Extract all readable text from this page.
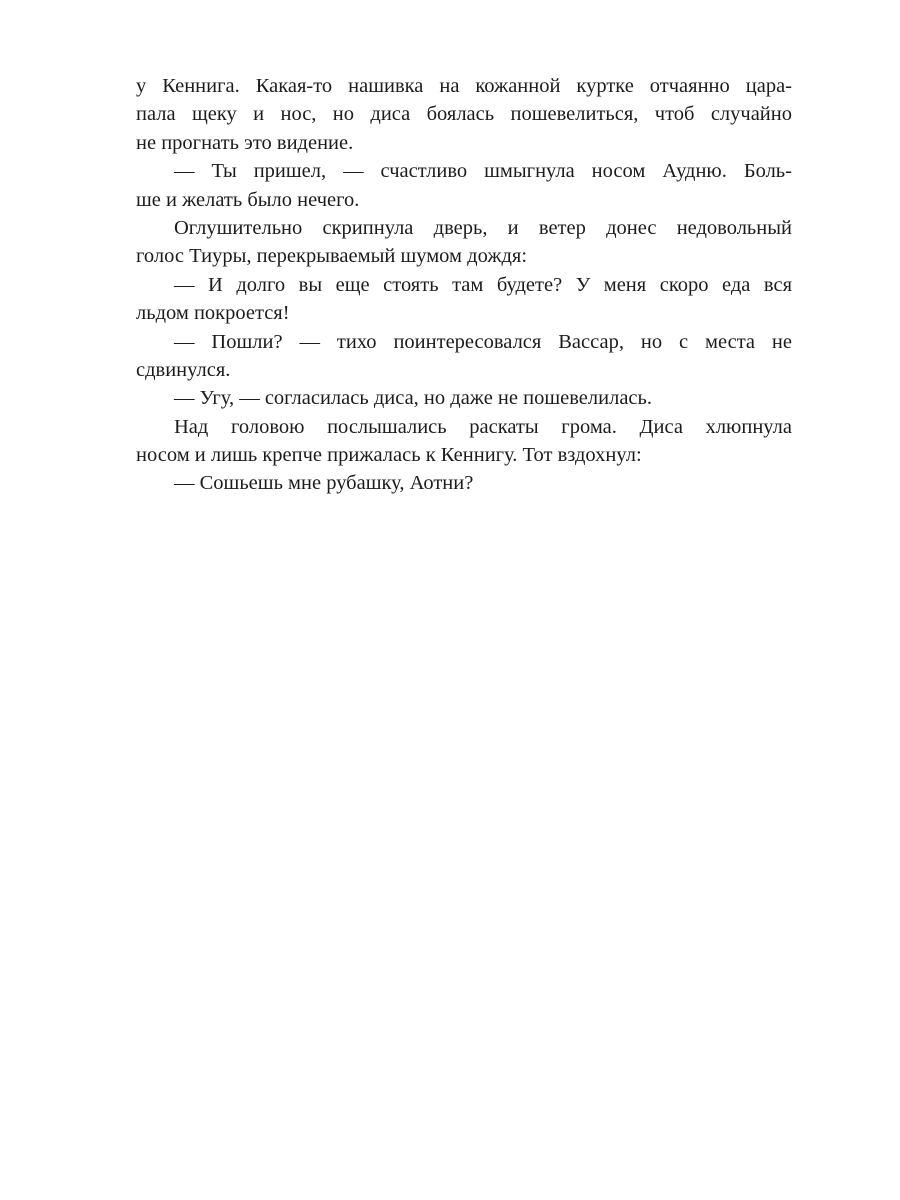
у Кеннига. Какая-то нашивка на кожанной куртке отчаянно цара-
пала щеку и нос, но диса боялась пошевелиться, чтоб случайно
не прогнать это видение.
— Ты пришел, — счастливо шмыгнула носом Аудню. Боль-
ше и желать было нечего.
Оглушительно скрипнула дверь, и ветер донес недовольный
голос Тиуры, перекрываемый шумом дождя:
— И долго вы еще стоять там будете? У меня скоро еда вся
льдом покроется!
— Пошли? — тихо поинтересовался Вассар, но с места не
сдвинулся.
— Угу, — согласилась диса, но даже не пошевелилась.
Над головою послышались раскаты грома. Диса хлюпнула
носом и лишь крепче прижалась к Кеннигу. Тот вздохнул:
— Сошьешь мне рубашку, Аотни?
